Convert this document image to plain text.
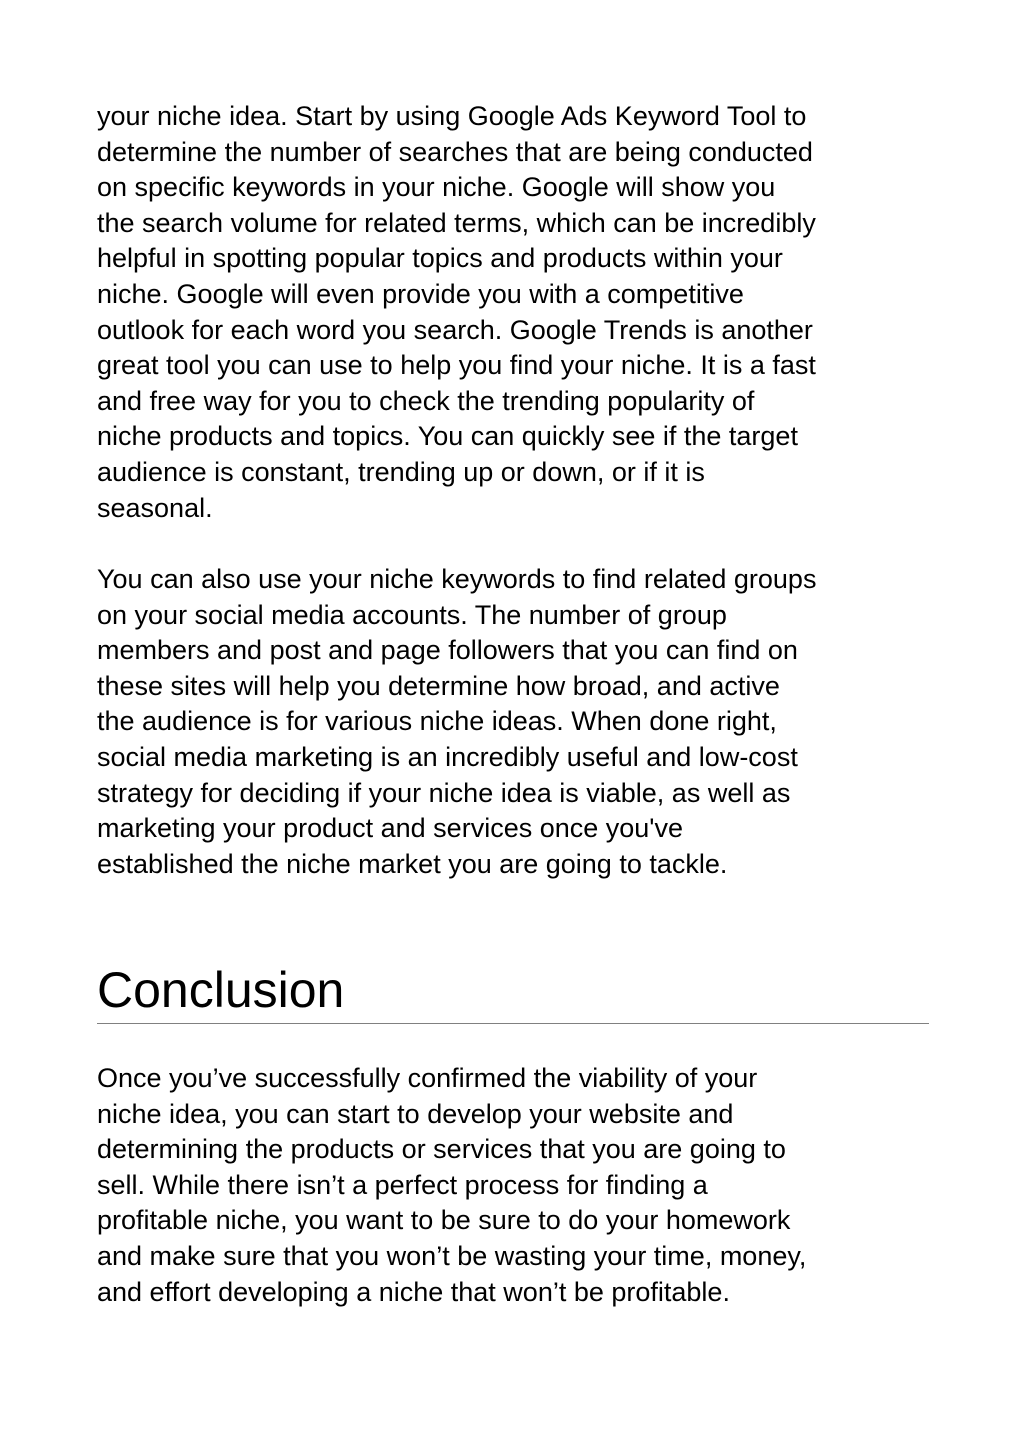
your niche idea. Start by using Google Ads Keyword Tool to
determine the number of searches that are being conducted
on specific keywords in your niche. Google will show you
the search volume for related terms, which can be incredibly
helpful in spotting popular topics and products within your
niche. Google will even provide you with a competitive
outlook for each word you search. Google Trends is another
great tool you can use to help you find your niche. It is a fast
and free way for you to check the trending popularity of
niche products and topics. You can quickly see if the target
audience is constant, trending up or down, or if it is
seasonal.

You can also use your niche keywords to find related groups
on your social media accounts. The number of group
members and post and page followers that you can find on
these sites will help you determine how broad, and active
the audience is for various niche ideas. When done right,
social media marketing is an incredibly useful and low-cost
strategy for deciding if your niche idea is viable, as well as
marketing your product and services once you've
established the niche market you are going to tackle.

Conclusion

Once you’ve successfully confirmed the viability of your
niche idea, you can start to develop your website and
determining the products or services that you are going to
sell. While there isn’t a perfect process for finding a
profitable niche, you want to be sure to do your homework
and make sure that you won’t be wasting your time, money,
and effort developing a niche that won’t be profitable.
